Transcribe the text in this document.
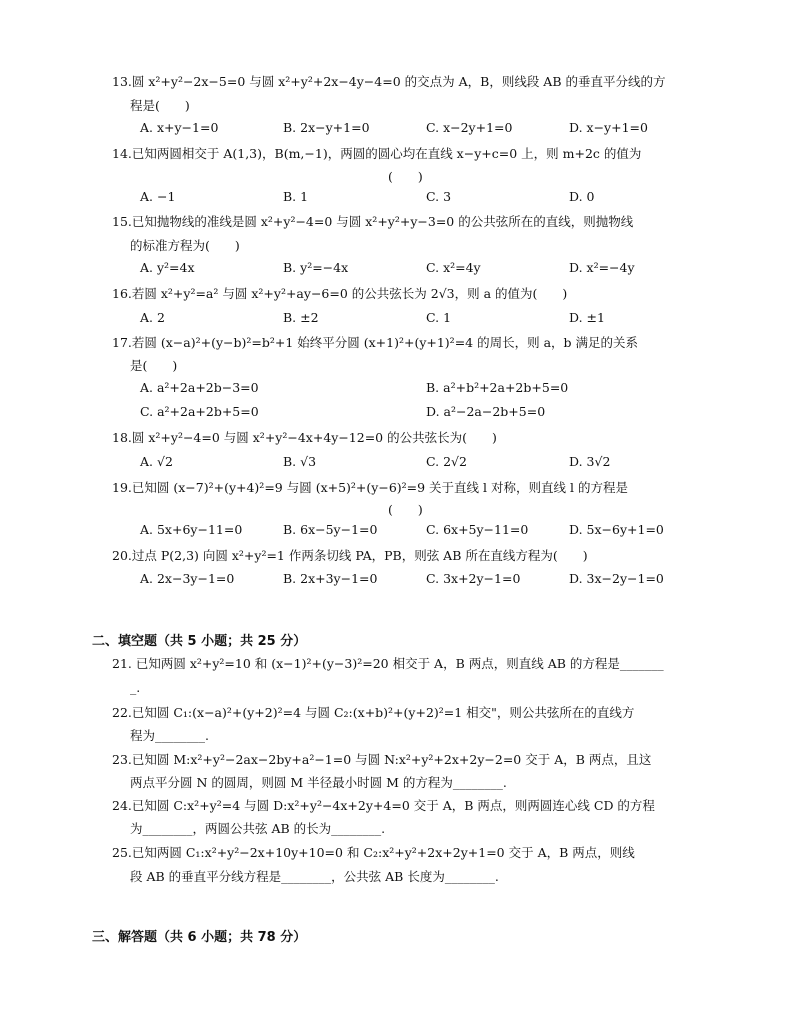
13.圆 x²+y²−2x−5=0 与圆 x²+y²+2x−4y−4=0 的交点为 A，B，则线段 AB 的垂直平分线的方
程是(　　)
A. x+y−1=0	B. 2x−y+1=0	C. x−2y+1=0	D. x−y+1=0
14.已知两圆相交于 A(1,3)，B(m,−1)，两圆的圆心均在直线 x−y+c=0 上，则 m+2c 的值为
(　　)
A. −1	B. 1	C. 3	D. 0
15.已知抛物线的准线是圆 x²+y²−4=0 与圆 x²+y²+y−3=0 的公共弦所在的直线，则抛物线
的标准方程为(　　)
A. y²=4x	B. y²=−4x	C. x²=4y	D. x²=−4y
16.若圆 x²+y²=a² 与圆 x²+y²+ay−6=0 的公共弦长为 2√3，则 a 的值为(　　)
A. 2	B. ±2	C. 1	D. ±1
17.若圆 (x−a)²+(y−b)²=b²+1 始终平分圆 (x+1)²+(y+1)²=4 的周长，则 a，b 满足的关系
是(　　)
A. a²+2a+2b−3=0	B. a²+b²+2a+2b+5=0
C. a²+2a+2b+5=0	D. a²−2a−2b+5=0
18.圆 x²+y²−4=0 与圆 x²+y²−4x+4y−12=0 的公共弦长为(　　)
A. √2	B. √3	C. 2√2	D. 3√2
19.已知圆 (x−7)²+(y+4)²=9 与圆 (x+5)²+(y−6)²=9 关于直线 l 对称，则直线 l 的方程是
(　　)
A. 5x+6y−11=0	B. 6x−5y−1=0	C. 6x+5y−11=0	D. 5x−6y+1=0
20.过点 P(2,3) 向圆 x²+y²=1 作两条切线 PA，PB，则弦 AB 所在直线方程为(　　)
A. 2x−3y−1=0	B. 2x+3y−1=0	C. 3x+2y−1=0	D. 3x−2y−1=0
二、填空题（共 5 小题；共 25 分）
21. 已知两圆 x²+y²=10 和 (x−1)²+(y−3)²=20 相交于 A，B 两点，则直线 AB 的方程是_______
_.
22.已知圆 C₁:(x−a)²+(y+2)²=4 与圆 C₂:(x+b)²+(y+2)²=1 相交"，则公共弦所在的直线方
程为________.
23.已知圆 M:x²+y²−2ax−2by+a²−1=0 与圆 N:x²+y²+2x+2y−2=0 交于 A，B 两点，且这
两点平分圆 N 的圆周，则圆 M 半径最小时圆 M 的方程为________.
24.已知圆 C:x²+y²=4 与圆 D:x²+y²−4x+2y+4=0 交于 A，B 两点，则两圆连心线 CD 的方程
为________，两圆公共弦 AB 的长为________.
25.已知两圆 C₁:x²+y²−2x+10y+10=0 和 C₂:x²+y²+2x+2y+1=0 交于 A，B 两点，则线
段 AB 的垂直平分线方程是________，公共弦 AB 长度为________.
三、解答题（共 6 小题；共 78 分）
